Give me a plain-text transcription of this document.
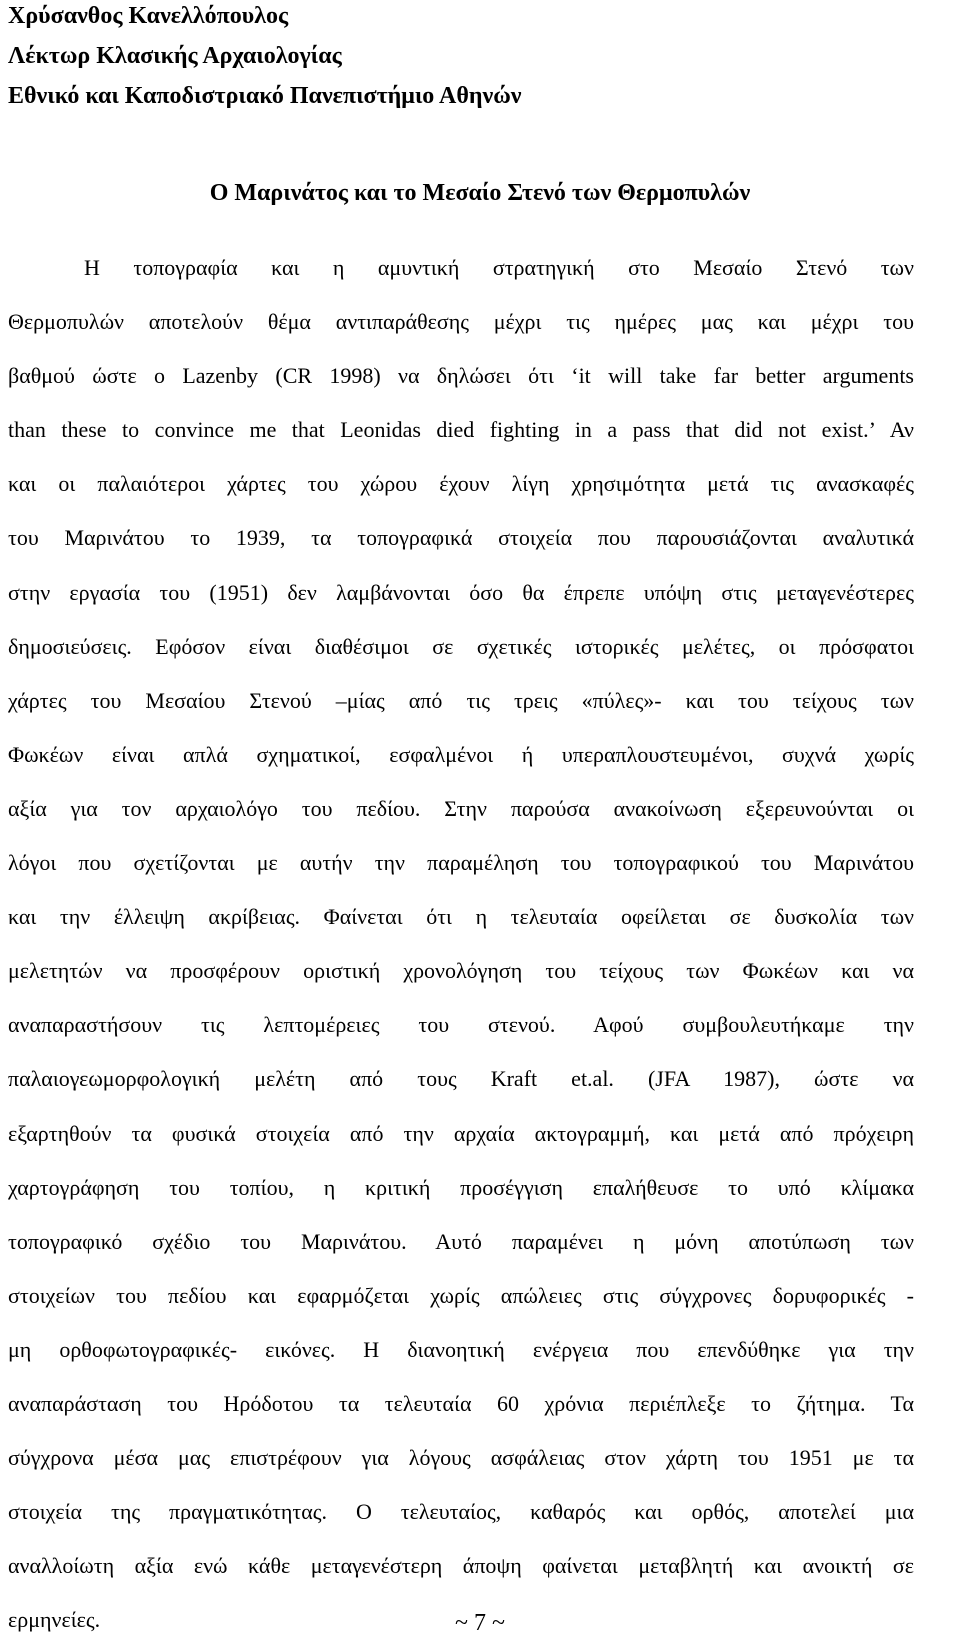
Χρύσανθος Κανελλόπουλος
Λέκτωρ Κλασικής Αρχαιολογίας
Εθνικό και Καποδιστριακό Πανεπιστήμιο Αθηνών
Ο Μαρινάτος και το Μεσαίο Στενό των Θερμοπυλών
Η τοπογραφία και η αμυντική στρατηγική στο Μεσαίο Στενό των
Θερμοπυλών αποτελούν θέμα αντιπαράθεσης μέχρι τις ημέρες μας και μέχρι του
βαθμού ώστε ο Lazenby (CR 1998) να δηλώσει ότι ‘it will take far better arguments
than these to convince me that Leonidas died fighting in a pass that did not exist.’ Αν
και οι παλαιότεροι χάρτες του χώρου έχουν λίγη χρησιμότητα μετά τις ανασκαφές
του Μαρινάτου το 1939, τα τοπογραφικά στοιχεία που παρουσιάζονται αναλυτικά
στην εργασία του (1951) δεν λαμβάνονται όσο θα έπρεπε υπόψη στις μεταγενέστερες
δημοσιεύσεις. Εφόσον είναι διαθέσιμοι σε σχετικές ιστορικές μελέτες, οι πρόσφατοι
χάρτες του Μεσαίου Στενού –μίας από τις τρεις «πύλες»- και του τείχους των
Φωκέων είναι απλά σχηματικοί, εσφαλμένοι ή υπεραπλουστευμένοι, συχνά χωρίς
αξία για τον αρχαιολόγο του πεδίου. Στην παρούσα ανακοίνωση εξερευνούνται οι
λόγοι που σχετίζονται με αυτήν την παραμέληση του τοπογραφικού του Μαρινάτου
και την έλλειψη ακρίβειας. Φαίνεται ότι η τελευταία οφείλεται σε δυσκολία των
μελετητών να προσφέρουν οριστική χρονολόγηση του τείχους των Φωκέων και να
αναπαραστήσουν τις λεπτομέρειες του στενού. Αφού συμβουλευτήκαμε την
παλαιογεωμορφολογική μελέτη από τους Kraft et.al. (JFA 1987), ώστε να
εξαρτηθούν τα φυσικά στοιχεία από την αρχαία ακτογραμμή, και μετά από πρόχειρη
χαρτογράφηση του τοπίου, η κριτική προσέγγιση επαλήθευσε το υπό κλίμακα
τοπογραφικό σχέδιο του Μαρινάτου. Αυτό παραμένει η μόνη αποτύπωση των
στοιχείων του πεδίου και εφαρμόζεται χωρίς απώλειες στις σύγχρονες δορυφορικές -
μη ορθοφωτογραφικές- εικόνες. Η διανοητική ενέργεια που επενδύθηκε για την
αναπαράσταση του Ηρόδοτου τα τελευταία 60 χρόνια περιέπλεξε το ζήτημα. Τα
σύγχρονα μέσα μας επιστρέφουν για λόγους ασφάλειας στον χάρτη του 1951 με τα
στοιχεία της πραγματικότητας. Ο τελευταίος, καθαρός και ορθός, αποτελεί μια
αναλλοίωτη αξία ενώ κάθε μεταγενέστερη άποψη φαίνεται μεταβλητή και ανοικτή σε
ερμηνείες.	~ 7 ~
